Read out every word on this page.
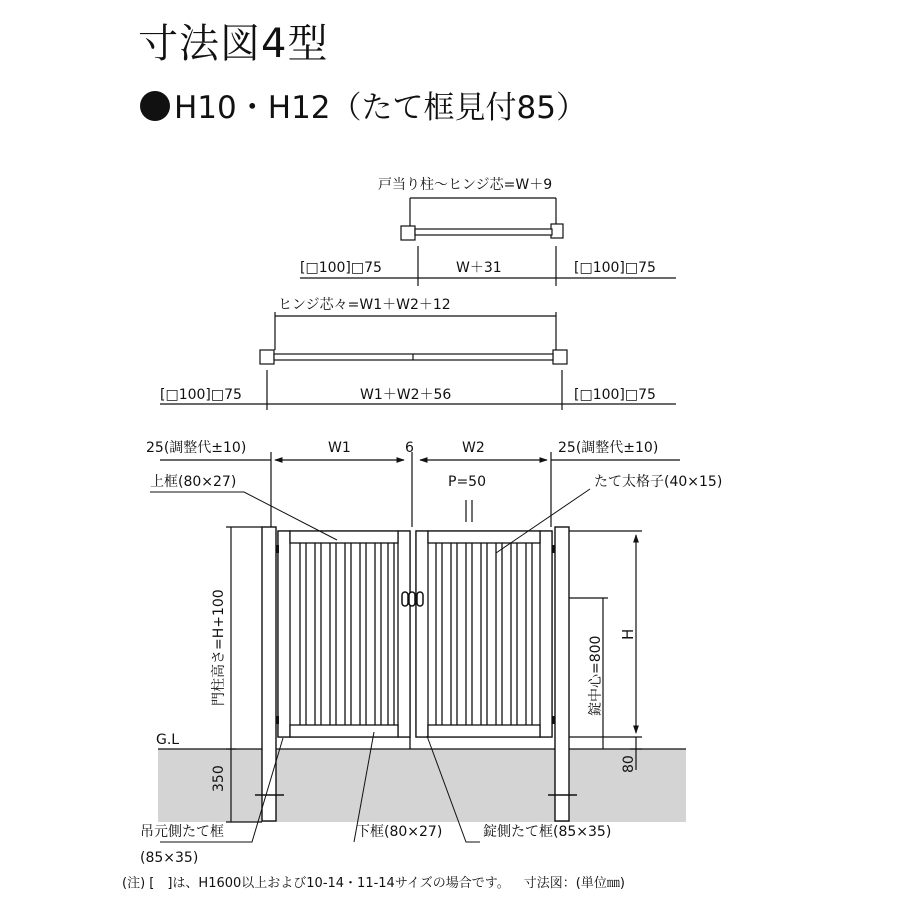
寸法図4型
H10・H12（たて框見付85）
戸当り柱～ヒンジ芯=W＋9
[□100]□75	W＋31	[□100]□75
ヒンジ芯々=W1＋W2＋12
[□100]□75	W1＋W2＋56	[□100]□75
G.L
25(調整代±10)	W1	6	W2	25(調整代±10)
P=50
上框(80×27)	たて太格子(40×15)
門柱高さ=H+100
350
錠中心=800
H
80
吊元側たて框
(85×35)
下框(80×27)	錠側たて框(85×35)
(注) [　]は、H1600以上および10-14・11-14サイズの場合です。 寸法図：(単位㎜)
